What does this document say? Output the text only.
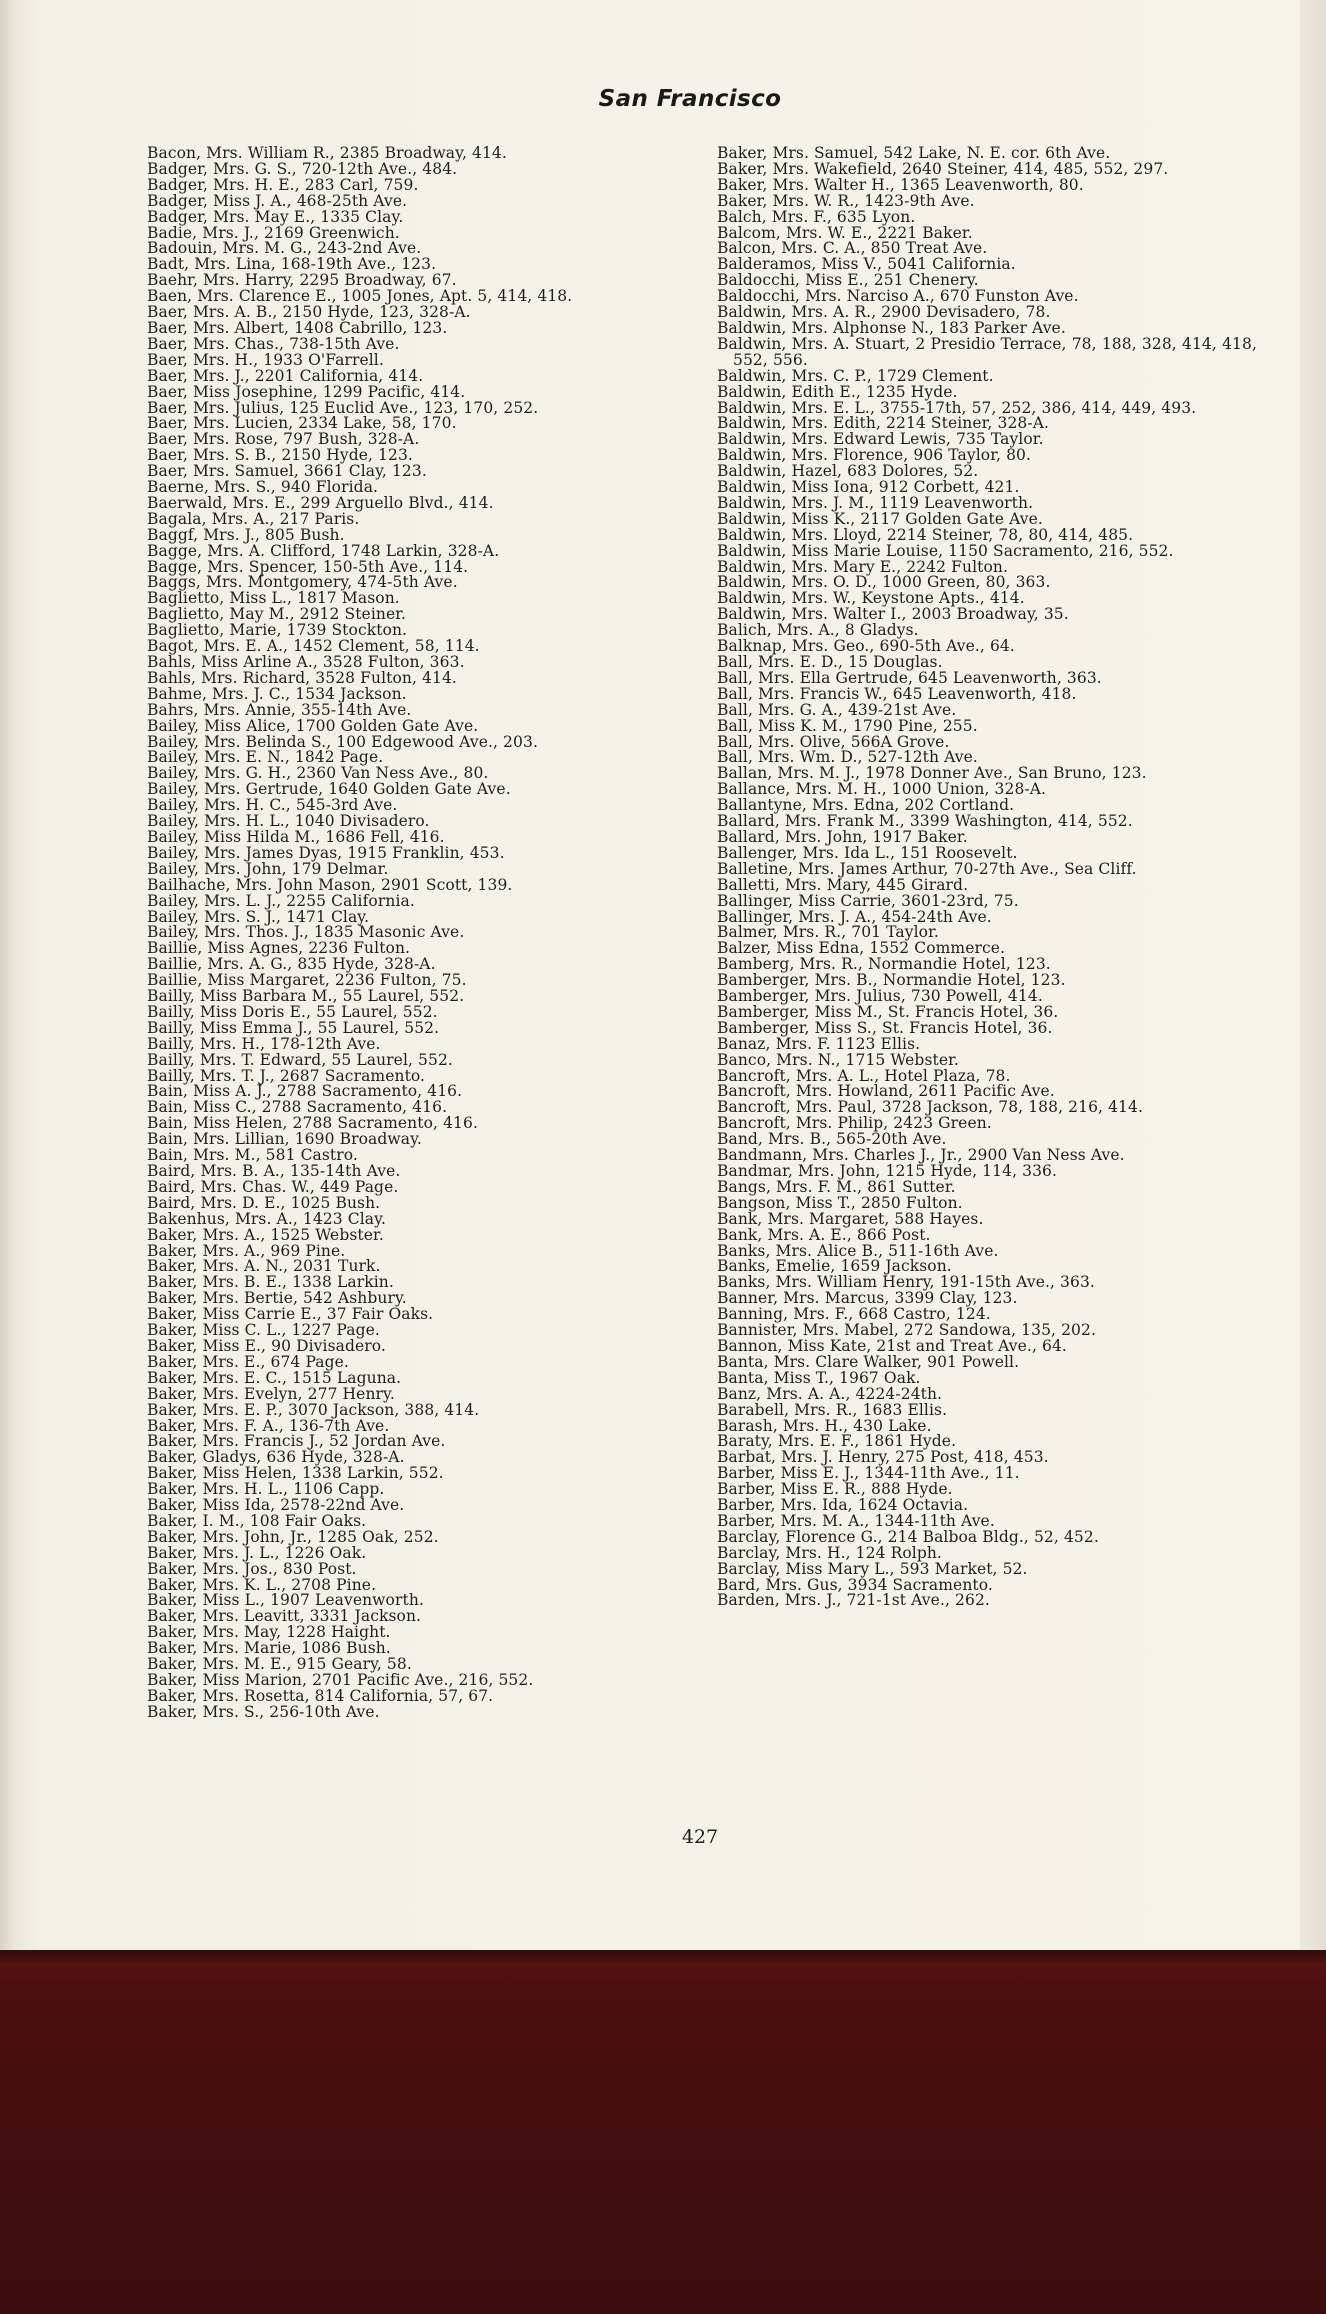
San Francisco
Bacon, Mrs. William R., 2385 Broadway, 414.
Badger, Mrs. G. S., 720-12th Ave., 484.
Badger, Mrs. H. E., 283 Carl, 759.
Badger, Miss J. A., 468-25th Ave.
Badger, Mrs. May E., 1335 Clay.
Badie, Mrs. J., 2169 Greenwich.
Badouin, Mrs. M. G., 243-2nd Ave.
Badt, Mrs. Lina, 168-19th Ave., 123.
Baehr, Mrs. Harry, 2295 Broadway, 67.
Baen, Mrs. Clarence E., 1005 Jones, Apt. 5, 414, 418.
Baer, Mrs. A. B., 2150 Hyde, 123, 328-A.
Baer, Mrs. Albert, 1408 Cabrillo, 123.
Baer, Mrs. Chas., 738-15th Ave.
Baer, Mrs. H., 1933 O'Farrell.
Baer, Mrs. J., 2201 California, 414.
Baer, Miss Josephine, 1299 Pacific, 414.
Baer, Mrs. Julius, 125 Euclid Ave., 123, 170, 252.
Baer, Mrs. Lucien, 2334 Lake, 58, 170.
Baer, Mrs. Rose, 797 Bush, 328-A.
Baer, Mrs. S. B., 2150 Hyde, 123.
Baer, Mrs. Samuel, 3661 Clay, 123.
Baerne, Mrs. S., 940 Florida.
Baerwald, Mrs. E., 299 Arguello Blvd., 414.
Bagala, Mrs. A., 217 Paris.
Baggf, Mrs. J., 805 Bush.
Bagge, Mrs. A. Clifford, 1748 Larkin, 328-A.
Bagge, Mrs. Spencer, 150-5th Ave., 114.
Baggs, Mrs. Montgomery, 474-5th Ave.
Baglietto, Miss L., 1817 Mason.
Baglietto, May M., 2912 Steiner.
Baglietto, Marie, 1739 Stockton.
Bagot, Mrs. E. A., 1452 Clement, 58, 114.
Bahls, Miss Arline A., 3528 Fulton, 363.
Bahls, Mrs. Richard, 3528 Fulton, 414.
Bahme, Mrs. J. C., 1534 Jackson.
Bahrs, Mrs. Annie, 355-14th Ave.
Bailey, Miss Alice, 1700 Golden Gate Ave.
Bailey, Mrs. Belinda S., 100 Edgewood Ave., 203.
Bailey, Mrs. E. N., 1842 Page.
Bailey, Mrs. G. H., 2360 Van Ness Ave., 80.
Bailey, Mrs. Gertrude, 1640 Golden Gate Ave.
Bailey, Mrs. H. C., 545-3rd Ave.
Bailey, Mrs. H. L., 1040 Divisadero.
Bailey, Miss Hilda M., 1686 Fell, 416.
Bailey, Mrs. James Dyas, 1915 Franklin, 453.
Bailey, Mrs. John, 179 Delmar.
Bailhache, Mrs. John Mason, 2901 Scott, 139.
Bailey, Mrs. L. J., 2255 California.
Bailey, Mrs. S. J., 1471 Clay.
Bailey, Mrs. Thos. J., 1835 Masonic Ave.
Baillie, Miss Agnes, 2236 Fulton.
Baillie, Mrs. A. G., 835 Hyde, 328-A.
Baillie, Miss Margaret, 2236 Fulton, 75.
Bailly, Miss Barbara M., 55 Laurel, 552.
Bailly, Miss Doris E., 55 Laurel, 552.
Bailly, Miss Emma J., 55 Laurel, 552.
Bailly, Mrs. H., 178-12th Ave.
Bailly, Mrs. T. Edward, 55 Laurel, 552.
Bailly, Mrs. T. J., 2687 Sacramento.
Bain, Miss A. J., 2788 Sacramento, 416.
Bain, Miss C., 2788 Sacramento, 416.
Bain, Miss Helen, 2788 Sacramento, 416.
Bain, Mrs. Lillian, 1690 Broadway.
Bain, Mrs. M., 581 Castro.
Baird, Mrs. B. A., 135-14th Ave.
Baird, Mrs. Chas. W., 449 Page.
Baird, Mrs. D. E., 1025 Bush.
Bakenhus, Mrs. A., 1423 Clay.
Baker, Mrs. A., 1525 Webster.
Baker, Mrs. A., 969 Pine.
Baker, Mrs. A. N., 2031 Turk.
Baker, Mrs. B. E., 1338 Larkin.
Baker, Mrs. Bertie, 542 Ashbury.
Baker, Miss Carrie E., 37 Fair Oaks.
Baker, Miss C. L., 1227 Page.
Baker, Miss E., 90 Divisadero.
Baker, Mrs. E., 674 Page.
Baker, Mrs. E. C., 1515 Laguna.
Baker, Mrs. Evelyn, 277 Henry.
Baker, Mrs. E. P., 3070 Jackson, 388, 414.
Baker, Mrs. F. A., 136-7th Ave.
Baker, Mrs. Francis J., 52 Jordan Ave.
Baker, Gladys, 636 Hyde, 328-A.
Baker, Miss Helen, 1338 Larkin, 552.
Baker, Mrs. H. L., 1106 Capp.
Baker, Miss Ida, 2578-22nd Ave.
Baker, I. M., 108 Fair Oaks.
Baker, Mrs. John, Jr., 1285 Oak, 252.
Baker, Mrs. J. L., 1226 Oak.
Baker, Mrs. Jos., 830 Post.
Baker, Mrs. K. L., 2708 Pine.
Baker, Miss L., 1907 Leavenworth.
Baker, Mrs. Leavitt, 3331 Jackson.
Baker, Mrs. May, 1228 Haight.
Baker, Mrs. Marie, 1086 Bush.
Baker, Mrs. M. E., 915 Geary, 58.
Baker, Miss Marion, 2701 Pacific Ave., 216, 552.
Baker, Mrs. Rosetta, 814 California, 57, 67.
Baker, Mrs. S., 256-10th Ave.
Baker, Mrs. Samuel, 542 Lake, N. E. cor. 6th Ave.
Baker, Mrs. Wakefield, 2640 Steiner, 414, 485, 552, 297.
Baker, Mrs. Walter H., 1365 Leavenworth, 80.
Baker, Mrs. W. R., 1423-9th Ave.
Balch, Mrs. F., 635 Lyon.
Balcom, Mrs. W. E., 2221 Baker.
Balcon, Mrs. C. A., 850 Treat Ave.
Balderamos, Miss V., 5041 California.
Baldocchi, Miss E., 251 Chenery.
Baldocchi, Mrs. Narciso A., 670 Funston Ave.
Baldwin, Mrs. A. R., 2900 Devisadero, 78.
Baldwin, Mrs. Alphonse N., 183 Parker Ave.
Baldwin, Mrs. A. Stuart, 2 Presidio Terrace, 78, 188, 328, 414, 418, 552, 556.
Baldwin, Mrs. C. P., 1729 Clement.
Baldwin, Edith E., 1235 Hyde.
Baldwin, Mrs. E. L., 3755-17th, 57, 252, 386, 414, 449, 493.
Baldwin, Mrs. Edith, 2214 Steiner, 328-A.
Baldwin, Mrs. Edward Lewis, 735 Taylor.
Baldwin, Mrs. Florence, 906 Taylor, 80.
Baldwin, Hazel, 683 Dolores, 52.
Baldwin, Miss Iona, 912 Corbett, 421.
Baldwin, Mrs. J. M., 1119 Leavenworth.
Baldwin, Miss K., 2117 Golden Gate Ave.
Baldwin, Mrs. Lloyd, 2214 Steiner, 78, 80, 414, 485.
Baldwin, Miss Marie Louise, 1150 Sacramento, 216, 552.
Baldwin, Mrs. Mary E., 2242 Fulton.
Baldwin, Mrs. O. D., 1000 Green, 80, 363.
Baldwin, Mrs. W., Keystone Apts., 414.
Baldwin, Mrs. Walter I., 2003 Broadway, 35.
Balich, Mrs. A., 8 Gladys.
Balknap, Mrs. Geo., 690-5th Ave., 64.
Ball, Mrs. E. D., 15 Douglas.
Ball, Mrs. Ella Gertrude, 645 Leavenworth, 363.
Ball, Mrs. Francis W., 645 Leavenworth, 418.
Ball, Mrs. G. A., 439-21st Ave.
Ball, Miss K. M., 1790 Pine, 255.
Ball, Mrs. Olive, 566A Grove.
Ball, Mrs. Wm. D., 527-12th Ave.
Ballan, Mrs. M. J., 1978 Donner Ave., San Bruno, 123.
Ballance, Mrs. M. H., 1000 Union, 328-A.
Ballantyne, Mrs. Edna, 202 Cortland.
Ballard, Mrs. Frank M., 3399 Washington, 414, 552.
Ballard, Mrs. John, 1917 Baker.
Ballenger, Mrs. Ida L., 151 Roosevelt.
Balletine, Mrs. James Arthur, 70-27th Ave., Sea Cliff.
Balletti, Mrs. Mary, 445 Girard.
Ballinger, Miss Carrie, 3601-23rd, 75.
Ballinger, Mrs. J. A., 454-24th Ave.
Balmer, Mrs. R., 701 Taylor.
Balzer, Miss Edna, 1552 Commerce.
Bamberg, Mrs. R., Normandie Hotel, 123.
Bamberger, Mrs. B., Normandie Hotel, 123.
Bamberger, Mrs. Julius, 730 Powell, 414.
Bamberger, Miss M., St. Francis Hotel, 36.
Bamberger, Miss S., St. Francis Hotel, 36.
Banaz, Mrs. F. 1123 Ellis.
Banco, Mrs. N., 1715 Webster.
Bancroft, Mrs. A. L., Hotel Plaza, 78.
Bancroft, Mrs. Howland, 2611 Pacific Ave.
Bancroft, Mrs. Paul, 3728 Jackson, 78, 188, 216, 414.
Bancroft, Mrs. Philip, 2423 Green.
Band, Mrs. B., 565-20th Ave.
Bandmann, Mrs. Charles J., Jr., 2900 Van Ness Ave.
Bandmar, Mrs. John, 1215 Hyde, 114, 336.
Bangs, Mrs. F. M., 861 Sutter.
Bangson, Miss T., 2850 Fulton.
Bank, Mrs. Margaret, 588 Hayes.
Bank, Mrs. A. E., 866 Post.
Banks, Mrs. Alice B., 511-16th Ave.
Banks, Emelie, 1659 Jackson.
Banks, Mrs. William Henry, 191-15th Ave., 363.
Banner, Mrs. Marcus, 3399 Clay, 123.
Banning, Mrs. F., 668 Castro, 124.
Bannister, Mrs. Mabel, 272 Sandowa, 135, 202.
Bannon, Miss Kate, 21st and Treat Ave., 64.
Banta, Mrs. Clare Walker, 901 Powell.
Banta, Miss T., 1967 Oak.
Banz, Mrs. A. A., 4224-24th.
Barabell, Mrs. R., 1683 Ellis.
Barash, Mrs. H., 430 Lake.
Baraty, Mrs. E. F., 1861 Hyde.
Barbat, Mrs. J. Henry, 275 Post, 418, 453.
Barber, Miss E. J., 1344-11th Ave., 11.
Barber, Miss E. R., 888 Hyde.
Barber, Mrs. Ida, 1624 Octavia.
Barber, Mrs. M. A., 1344-11th Ave.
Barclay, Florence G., 214 Balboa Bldg., 52, 452.
Barclay, Mrs. H., 124 Rolph.
Barclay, Miss Mary L., 593 Market, 52.
Bard, Mrs. Gus, 3934 Sacramento.
Barden, Mrs. J., 721-1st Ave., 262.
427
